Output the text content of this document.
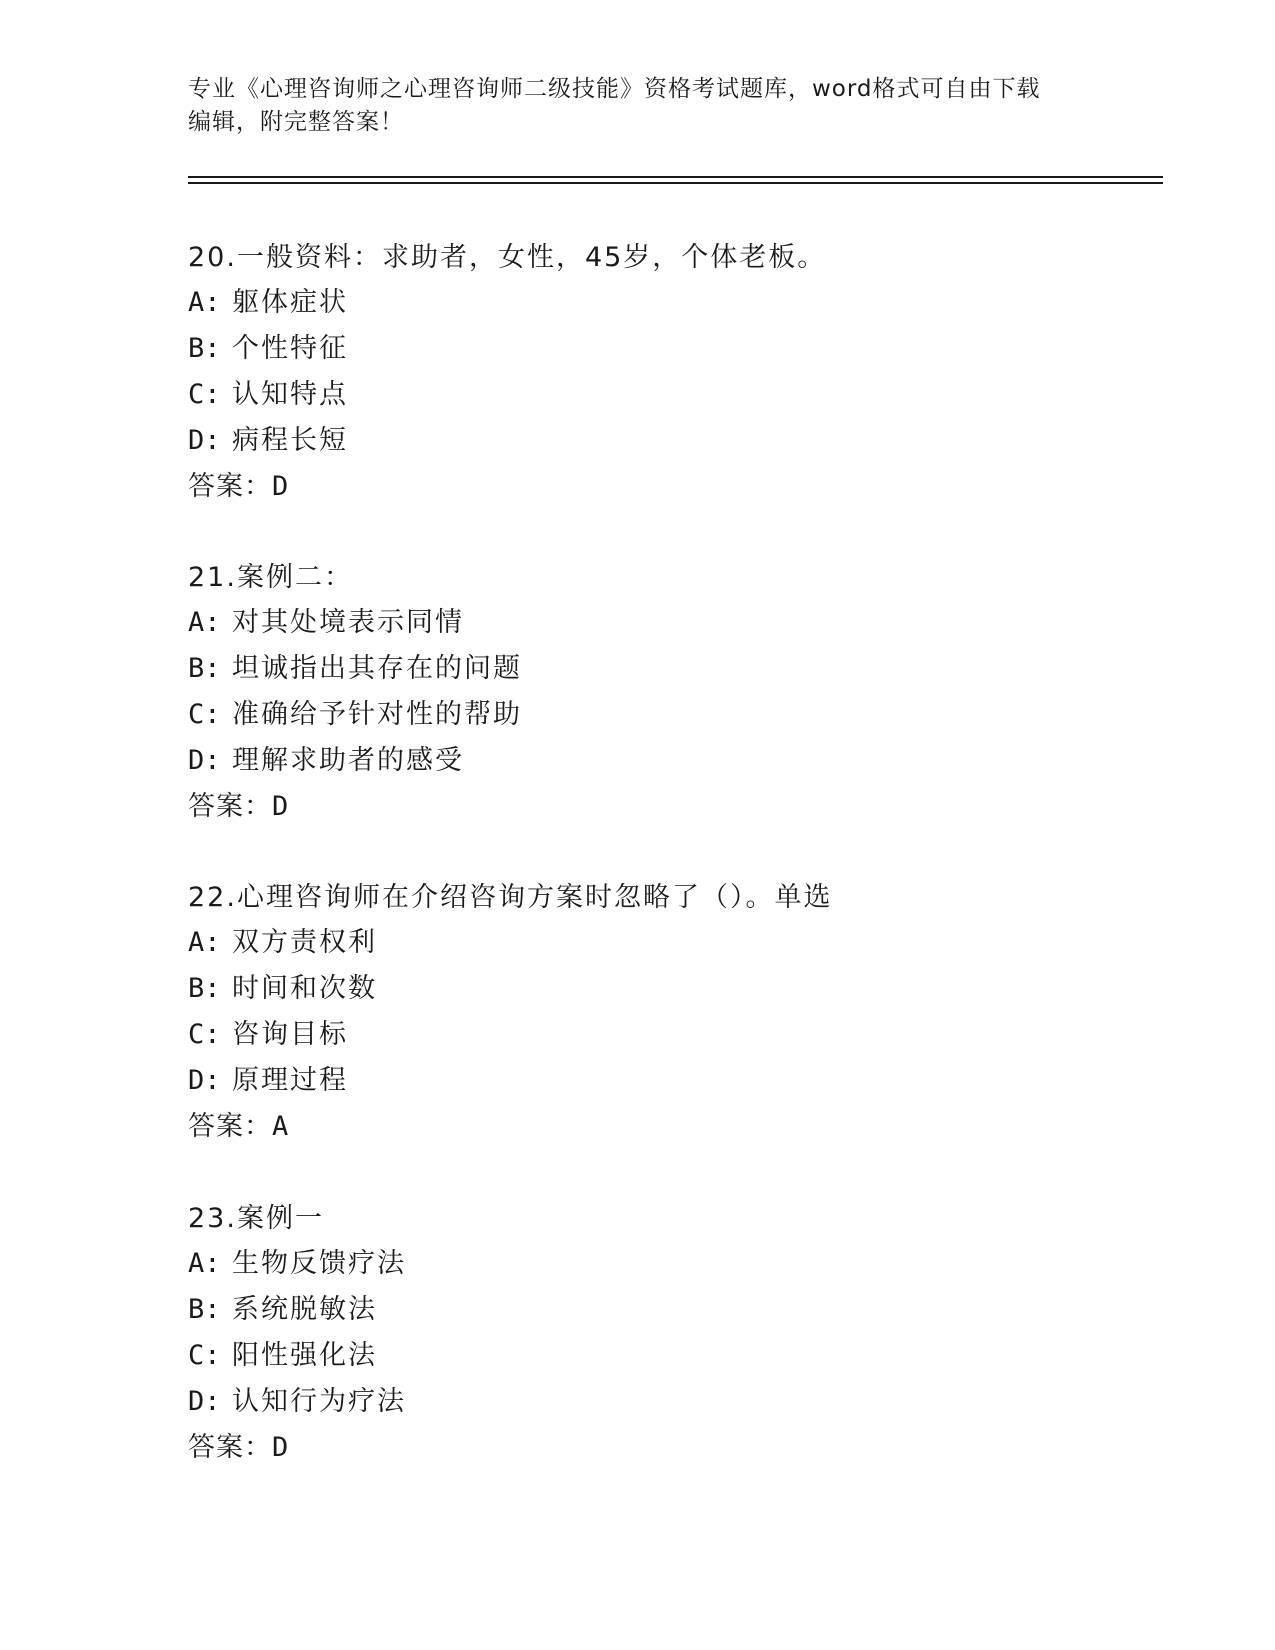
专业《心理咨询师之心理咨询师二级技能》资格考试题库，word格式可自由下载
编辑，附完整答案！
20.一般资料：求助者，女性，45岁，个体老板。
A: 躯体症状
B: 个性特征
C: 认知特点
D: 病程长短
答案：D
21.案例二：
A: 对其处境表示同情
B: 坦诚指出其存在的问题
C: 准确给予针对性的帮助
D: 理解求助者的感受
答案：D
22.心理咨询师在介绍咨询方案时忽略了（）。单选
A: 双方责权利
B: 时间和次数
C: 咨询目标
D: 原理过程
答案：A
23.案例一
A: 生物反馈疗法
B: 系统脱敏法
C: 阳性强化法
D: 认知行为疗法
答案：D
